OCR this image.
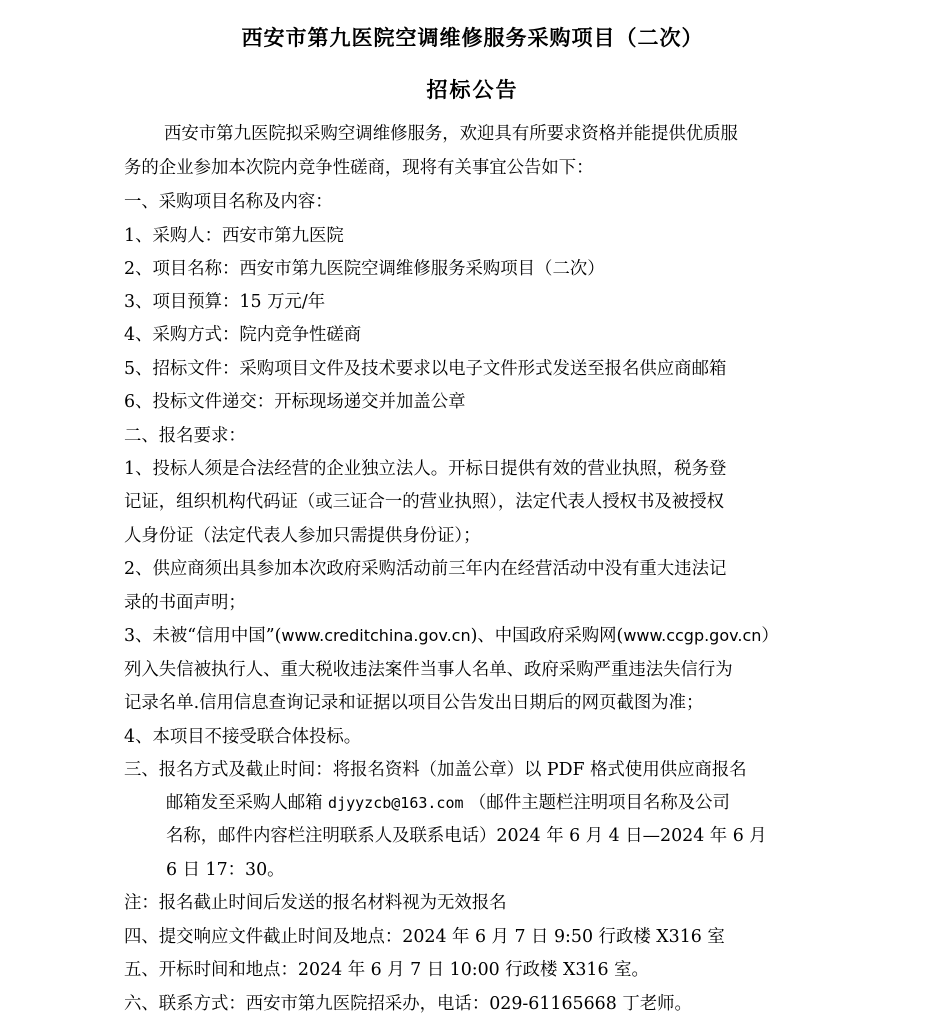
西安市第九医院空调维修服务采购项目（二次）
招标公告
西安市第九医院拟采购空调维修服务，欢迎具有所要求资格并能提供优质服
务的企业参加本次院内竞争性磋商，现将有关事宜公告如下：
一、采购项目名称及内容：
1、采购人：西安市第九医院
2、项目名称：西安市第九医院空调维修服务采购项目（二次）
3、项目预算：15 万元/年
4、采购方式：院内竞争性磋商
5、招标文件：采购项目文件及技术要求以电子文件形式发送至报名供应商邮箱
6、投标文件递交：开标现场递交并加盖公章
二、报名要求：
1、投标人须是合法经营的企业独立法人。开标日提供有效的营业执照，税务登
记证，组织机构代码证（或三证合一的营业执照），法定代表人授权书及被授权
人身份证（法定代表人参加只需提供身份证）；
2、供应商须出具参加本次政府采购活动前三年内在经营活动中没有重大违法记
录的书面声明；
3、未被“信用中国”(www.creditchina.gov.cn)、中国政府采购网(www.ccgp.gov.cn）
列入失信被执行人、重大税收违法案件当事人名单、政府采购严重违法失信行为
记录名单.信用信息查询记录和证据以项目公告发出日期后的网页截图为准；
4、本项目不接受联合体投标。
三、报名方式及截止时间：将报名资料（加盖公章）以 PDF 格式使用供应商报名
邮箱发至采购人邮箱 djyyzcb@163.com （邮件主题栏注明项目名称及公司
名称，邮件内容栏注明联系人及联系电话）2024 年 6 月 4 日—2024 年 6 月
6 日 17：30。
注：报名截止时间后发送的报名材料视为无效报名
四、提交响应文件截止时间及地点：2024 年 6 月 7 日 9:50 行政楼 X316 室
五、开标时间和地点：2024 年 6 月 7 日 10:00 行政楼 X316 室。
六、联系方式：西安市第九医院招采办，电话：029-61165668 丁老师。
